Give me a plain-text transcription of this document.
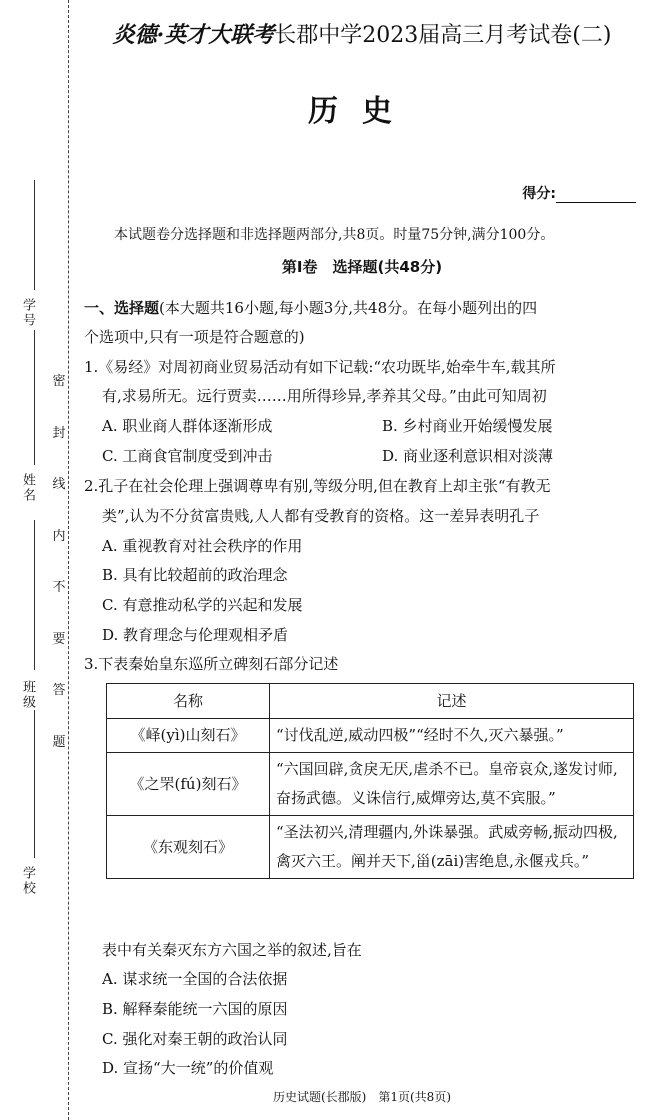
学号
姓名
班级
学校
密
封
线
内
不
要
答
题
炎德·英才大联考长郡中学2023届高三月考试卷(二)
历史
得分:
本试题卷分选择题和非选择题两部分,共8页。时量75分钟,满分100分。
第Ⅰ卷　选择题(共48分)
一、选择题(本大题共16小题,每小题3分,共48分。在每小题列出的四
个选项中,只有一项是符合题意的)
1.《易经》对周初商业贸易活动有如下记载:“农功既毕,始牵牛车,载其所
有,求易所无。远行贾卖……用所得珍异,孝养其父母。”由此可知周初
A. 职业商人群体逐渐形成	B. 乡村商业开始缓慢发展
C. 工商食官制度受到冲击	D. 商业逐利意识相对淡薄
2.孔子在社会伦理上强调尊卑有别,等级分明,但在教育上却主张“有教无
类”,认为不分贫富贵贱,人人都有受教育的资格。这一差异表明孔子
A. 重视教育对社会秩序的作用
B. 具有比较超前的政治理念
C. 有意推动私学的兴起和发展
D. 教育理念与伦理观相矛盾
3.下表秦始皇东巡所立碑刻石部分记述
名称	记述
《峄(yì)山刻石》	“讨伐乱逆,威动四极”“经时不久,灭六暴强。”
《之罘(fú)刻石》	“六国回辟,贪戾无厌,虐杀不已。皇帝哀众,遂发讨师,奋扬武德。义诛信行,威燀旁达,莫不宾服。”
《东观刻石》	“圣法初兴,清理疆内,外诛暴强。武威旁畅,振动四极,禽灭六王。阐并天下,甾(zāi)害绝息,永偃戎兵。”
表中有关秦灭东方六国之举的叙述,旨在
A. 谋求统一全国的合法依据
B. 解释秦能统一六国的原因
C. 强化对秦王朝的政治认同
D. 宣扬“大一统”的价值观
历史试题(长郡版)　第1页(共8页)
